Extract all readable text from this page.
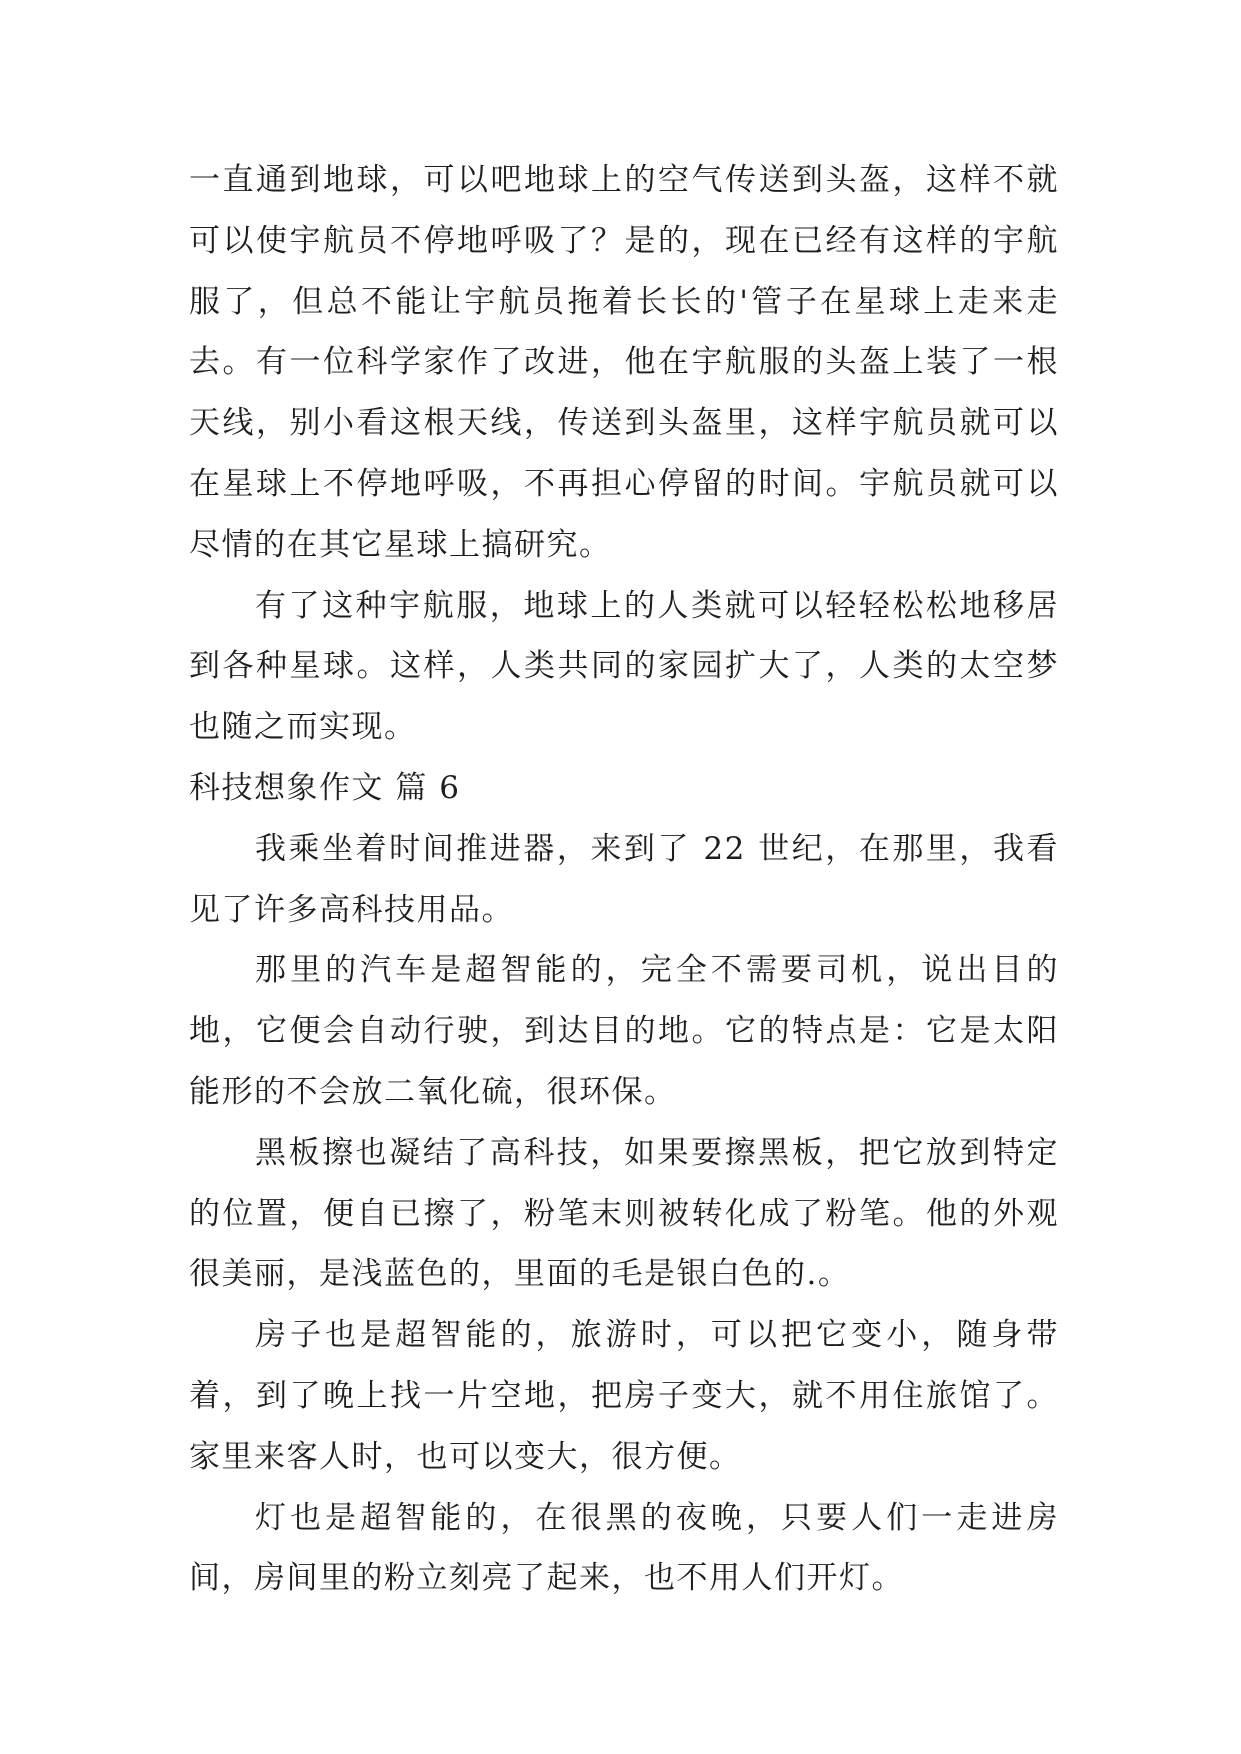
一直通到地球，可以吧地球上的空气传送到头盔，这样不就可以使宇航员不停地呼吸了？是的，现在已经有这样的宇航服了，但总不能让宇航员拖着长长的'管子在星球上走来走去。有一位科学家作了改进，他在宇航服的头盔上装了一根天线，别小看这根天线，传送到头盔里，这样宇航员就可以在星球上不停地呼吸，不再担心停留的时间。宇航员就可以尽情的在其它星球上搞研究。

有了这种宇航服，地球上的人类就可以轻轻松松地移居到各种星球。这样，人类共同的家园扩大了，人类的太空梦也随之而实现。

科技想象作文 篇 6

我乘坐着时间推进器，来到了 22 世纪，在那里，我看见了许多高科技用品。

那里的汽车是超智能的，完全不需要司机，说出目的地，它便会自动行驶，到达目的地。它的特点是：它是太阳能形的不会放二氧化硫，很环保。

黑板擦也凝结了高科技，如果要擦黑板，把它放到特定的位置，便自已擦了，粉笔末则被转化成了粉笔。他的外观很美丽，是浅蓝色的，里面的毛是银白色的.。

房子也是超智能的，旅游时，可以把它变小，随身带着，到了晚上找一片空地，把房子变大，就不用住旅馆了。家里来客人时，也可以变大，很方便。

灯也是超智能的，在很黑的夜晚，只要人们一走进房间，房间里的粉立刻亮了起来，也不用人们开灯。
